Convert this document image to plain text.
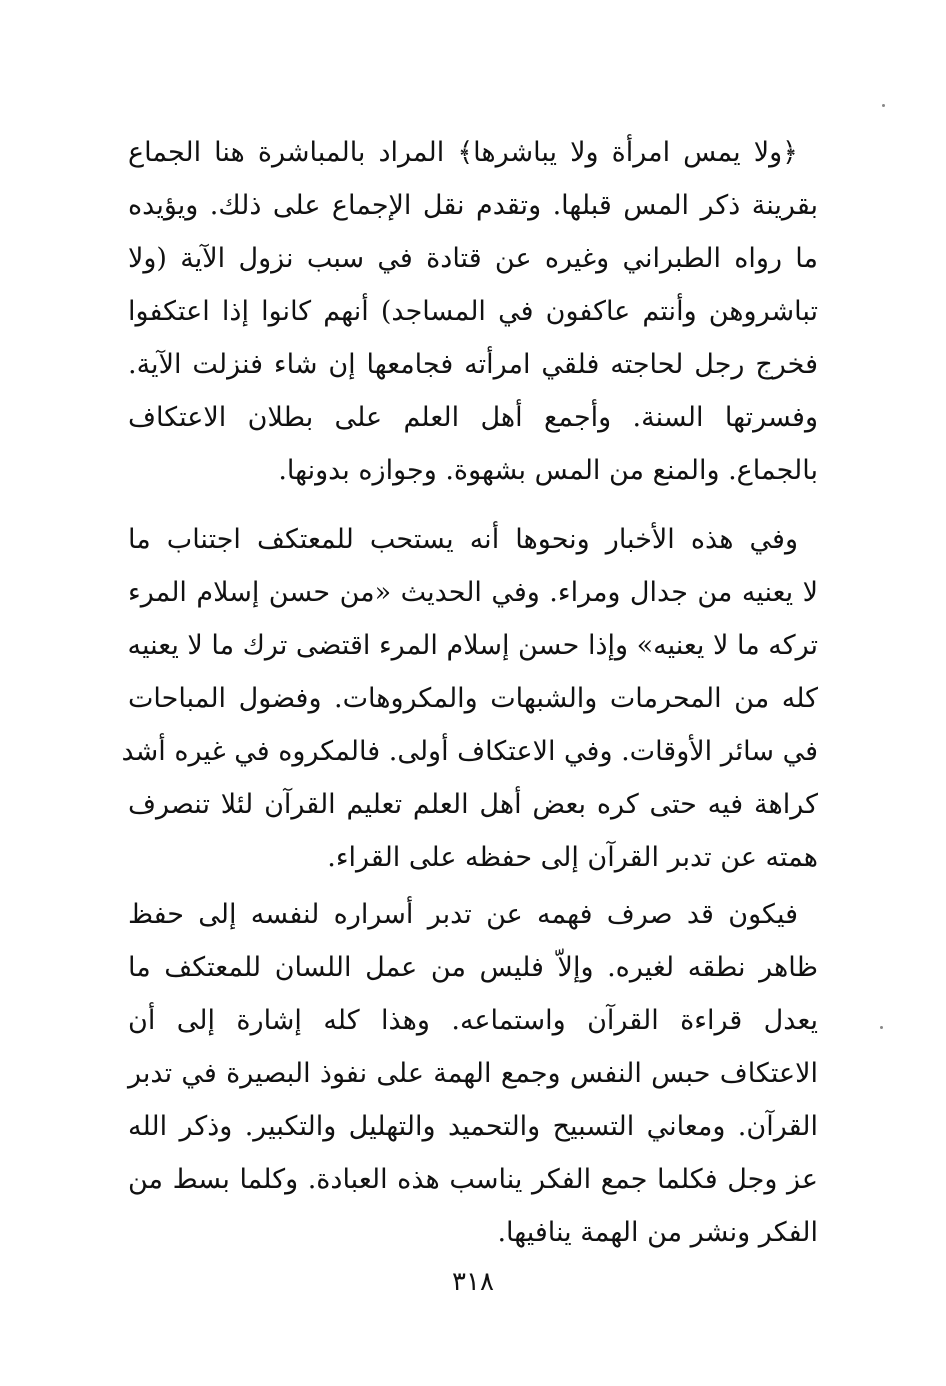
﴿ولا يمس امرأة ولا يباشرها﴾ المراد بالمباشرة هنا الجماع
بقرينة ذكر المس قبلها. وتقدم نقل الإجماع على ذلك. ويؤيده
ما رواه الطبراني وغيره عن قتادة في سبب نزول الآية (ولا
تباشروهن وأنتم عاكفون في المساجد) أنهم كانوا إذا اعتكفوا
فخرج رجل لحاجته فلقي امرأته فجامعها إن شاء فنزلت الآية.
وفسرتها السنة. وأجمع أهل العلم على بطلان الاعتكاف
بالجماع. والمنع من المس بشهوة. وجوازه بدونها.
وفي هذه الأخبار ونحوها أنه يستحب للمعتكف اجتناب ما
لا يعنيه من جدال ومراء. وفي الحديث «من حسن إسلام المرء
تركه ما لا يعنيه» وإذا حسن إسلام المرء اقتضى ترك ما لا يعنيه
كله من المحرمات والشبهات والمكروهات. وفضول المباحات
في سائر الأوقات. وفي الاعتكاف أولى. فالمكروه في غيره أشد
كراهة فيه حتى كره بعض أهل العلم تعليم القرآن لئلا تنصرف
همته عن تدبر القرآن إلى حفظه على القراء.
فيكون قد صرف فهمه عن تدبر أسراره لنفسه إلى حفظ
ظاهر نطقه لغيره. وإلاّ فليس من عمل اللسان للمعتكف ما
يعدل قراءة القرآن واستماعه. وهذا كله إشارة إلى أن
الاعتكاف حبس النفس وجمع الهمة على نفوذ البصيرة في تدبر
القرآن. ومعاني التسبيح والتحميد والتهليل والتكبير. وذكر الله
عز وجل فكلما جمع الفكر يناسب هذه العبادة. وكلما بسط من
الفكر ونشر من الهمة ينافيها.
٣١٨
